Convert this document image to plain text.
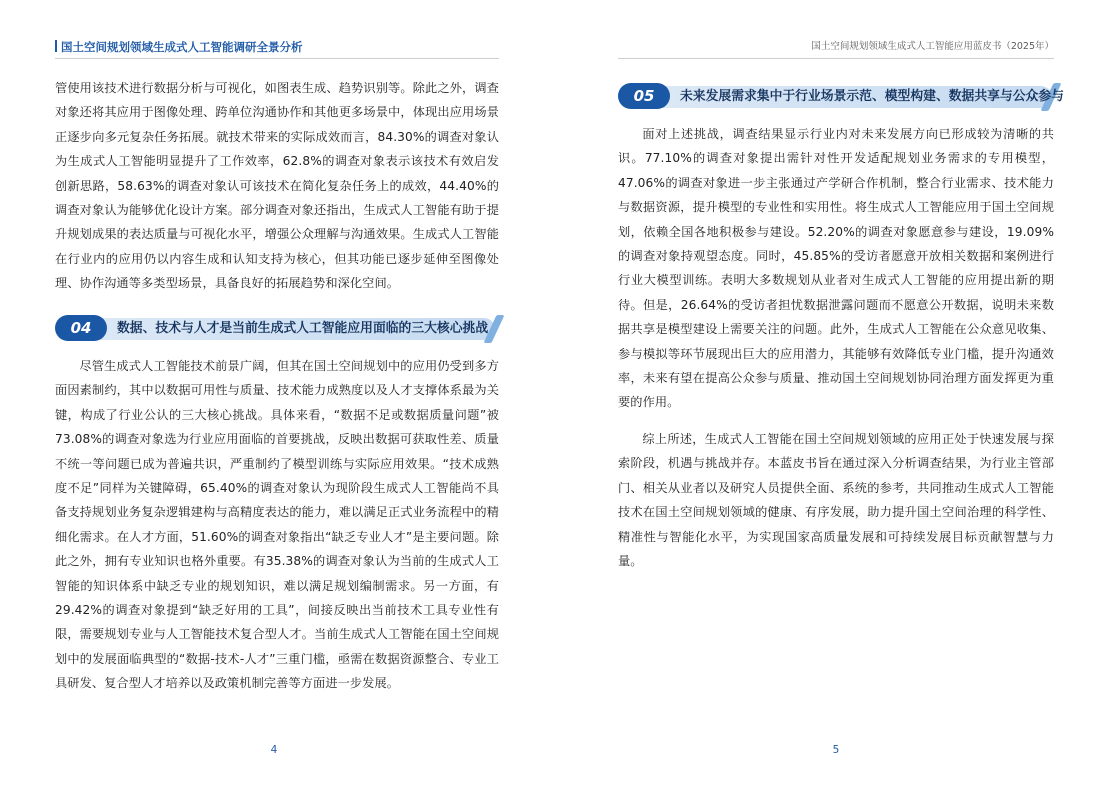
国土空间规划领域生成式人工智能调研全景分析

管使用该技术进行数据分析与可视化，如图表生成、趋势识别等。除此之外，调查对象还将其应用于图像处理、跨单位沟通协作和其他更多场景中，体现出应用场景正逐步向多元复杂任务拓展。就技术带来的实际成效而言，84.30%的调查对象认为生成式人工智能明显提升了工作效率，62.8%的调查对象表示该技术有效启发创新思路，58.63%的调查对象认可该技术在简化复杂任务上的成效，44.40%的调查对象认为能够优化设计方案。部分调查对象还指出，生成式人工智能有助于提升规划成果的表达质量与可视化水平，增强公众理解与沟通效果。生成式人工智能在行业内的应用仍以内容生成和认知支持为核心，但其功能已逐步延伸至图像处理、协作沟通等多类型场景，具备良好的拓展趋势和深化空间。

04	数据、技术与人才是当前生成式人工智能应用面临的三大核心挑战

尽管生成式人工智能技术前景广阔，但其在国土空间规划中的应用仍受到多方面因素制约，其中以数据可用性与质量、技术能力成熟度以及人才支撑体系最为关键，构成了行业公认的三大核心挑战。具体来看，“数据不足或数据质量问题”被73.08%的调查对象选为行业应用面临的首要挑战，反映出数据可获取性差、质量不统一等问题已成为普遍共识，严重制约了模型训练与实际应用效果。“技术成熟度不足”同样为关键障碍，65.40%的调查对象认为现阶段生成式人工智能尚不具备支持规划业务复杂逻辑建构与高精度表达的能力，难以满足正式业务流程中的精细化需求。在人才方面，51.60%的调查对象指出“缺乏专业人才”是主要问题。除此之外，拥有专业知识也格外重要。有35.38%的调查对象认为当前的生成式人工智能的知识体系中缺乏专业的规划知识，难以满足规划编制需求。另一方面，有29.42%的调查对象提到“缺乏好用的工具”，间接反映出当前技术工具专业性有限，需要规划专业与人工智能技术复合型人才。当前生成式人工智能在国土空间规划中的发展面临典型的“数据-技术-人才”三重门槛，亟需在数据资源整合、专业工具研发、复合型人才培养以及政策机制完善等方面进一步发展。

4
国土空间规划领域生成式人工智能应用蓝皮书（2025年）
05	未来发展需求集中于行业场景示范、模型构建、数据共享与公众参与

面对上述挑战，调查结果显示行业内对未来发展方向已形成较为清晰的共识。77.10%的调查对象提出需针对性开发适配规划业务需求的专用模型，47.06%的调查对象进一步主张通过产学研合作机制，整合行业需求、技术能力与数据资源，提升模型的专业性和实用性。将生成式人工智能应用于国土空间规划，依赖全国各地积极参与建设。52.20%的调查对象愿意参与建设，19.09%的调查对象持观望态度。同时，45.85%的受访者愿意开放相关数据和案例进行行业大模型训练。表明大多数规划从业者对生成式人工智能的应用提出新的期待。但是，26.64%的受访者担忧数据泄露问题而不愿意公开数据，说明未来数据共享是模型建设上需要关注的问题。此外，生成式人工智能在公众意见收集、参与模拟等环节展现出巨大的应用潜力，其能够有效降低专业门槛，提升沟通效率，未来有望在提高公众参与质量、推动国土空间规划协同治理方面发挥更为重要的作用。

综上所述，生成式人工智能在国土空间规划领域的应用正处于快速发展与探索阶段，机遇与挑战并存。本蓝皮书旨在通过深入分析调查结果，为行业主管部门、相关从业者以及研究人员提供全面、系统的参考，共同推动生成式人工智能技术在国土空间规划领域的健康、有序发展，助力提升国土空间治理的科学性、精准性与智能化水平，为实现国家高质量发展和可持续发展目标贡献智慧与力量。

5
